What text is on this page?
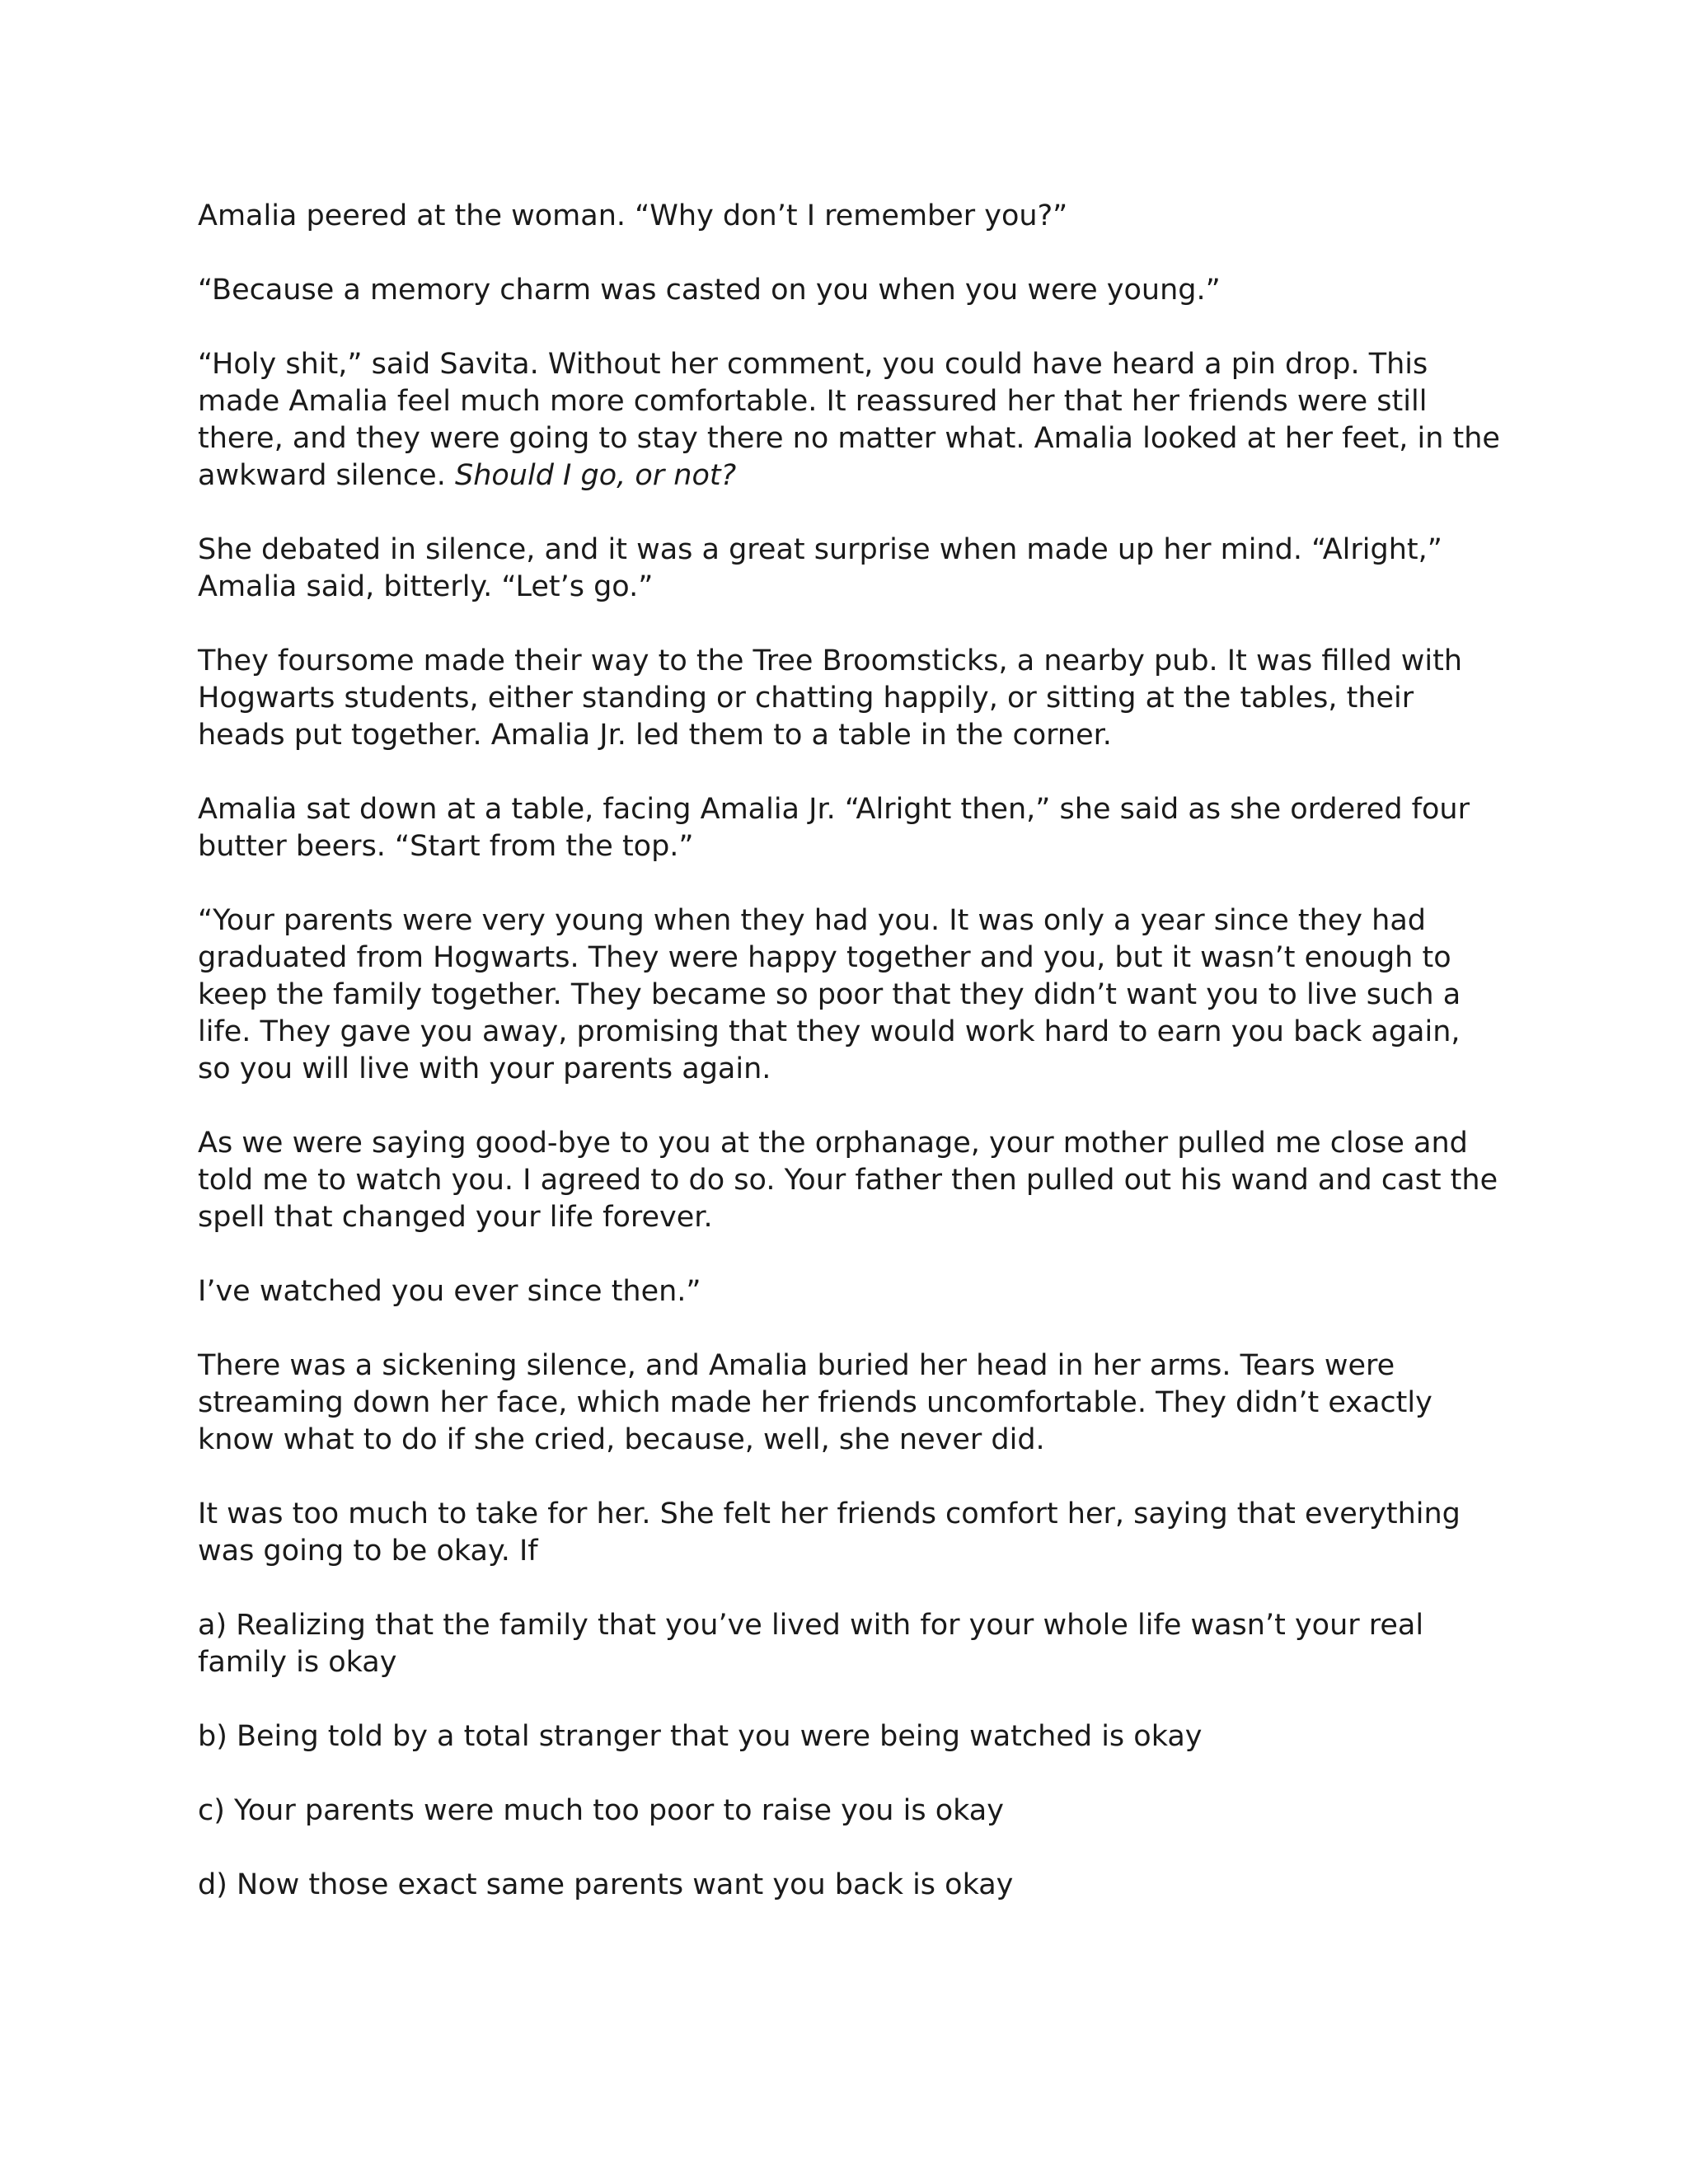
Amalia peered at the woman. “Why don’t I remember you?”

“Because a memory charm was casted on you when you were young.”

“Holy shit,” said Savita. Without her comment, you could have heard a pin drop. This made Amalia feel much more comfortable. It reassured her that her friends were still there, and they were going to stay there no matter what. Amalia looked at her feet, in the awkward silence. Should I go, or not?

She debated in silence, and it was a great surprise when made up her mind. “Alright,” Amalia said, bitterly. “Let’s go.”

They foursome made their way to the Tree Broomsticks, a nearby pub. It was filled with Hogwarts students, either standing or chatting happily, or sitting at the tables, their heads put together. Amalia Jr. led them to a table in the corner.

Amalia sat down at a table, facing Amalia Jr. “Alright then,” she said as she ordered four butter beers. “Start from the top.”

“Your parents were very young when they had you. It was only a year since they had graduated from Hogwarts. They were happy together and you, but it wasn’t enough to keep the family together. They became so poor that they didn’t want you to live such a life. They gave you away, promising that they would work hard to earn you back again, so you will live with your parents again.

As we were saying good-bye to you at the orphanage, your mother pulled me close and told me to watch you. I agreed to do so. Your father then pulled out his wand and cast the spell that changed your life forever.

I’ve watched you ever since then.”

There was a sickening silence, and Amalia buried her head in her arms. Tears were streaming down her face, which made her friends uncomfortable. They didn’t exactly know what to do if she cried, because, well, she never did.

It was too much to take for her. She felt her friends comfort her, saying that everything was going to be okay. If

a) Realizing that the family that you’ve lived with for your whole life wasn’t your real family is okay

b) Being told by a total stranger that you were being watched is okay

c) Your parents were much too poor to raise you is okay

d) Now those exact same parents want you back is okay
